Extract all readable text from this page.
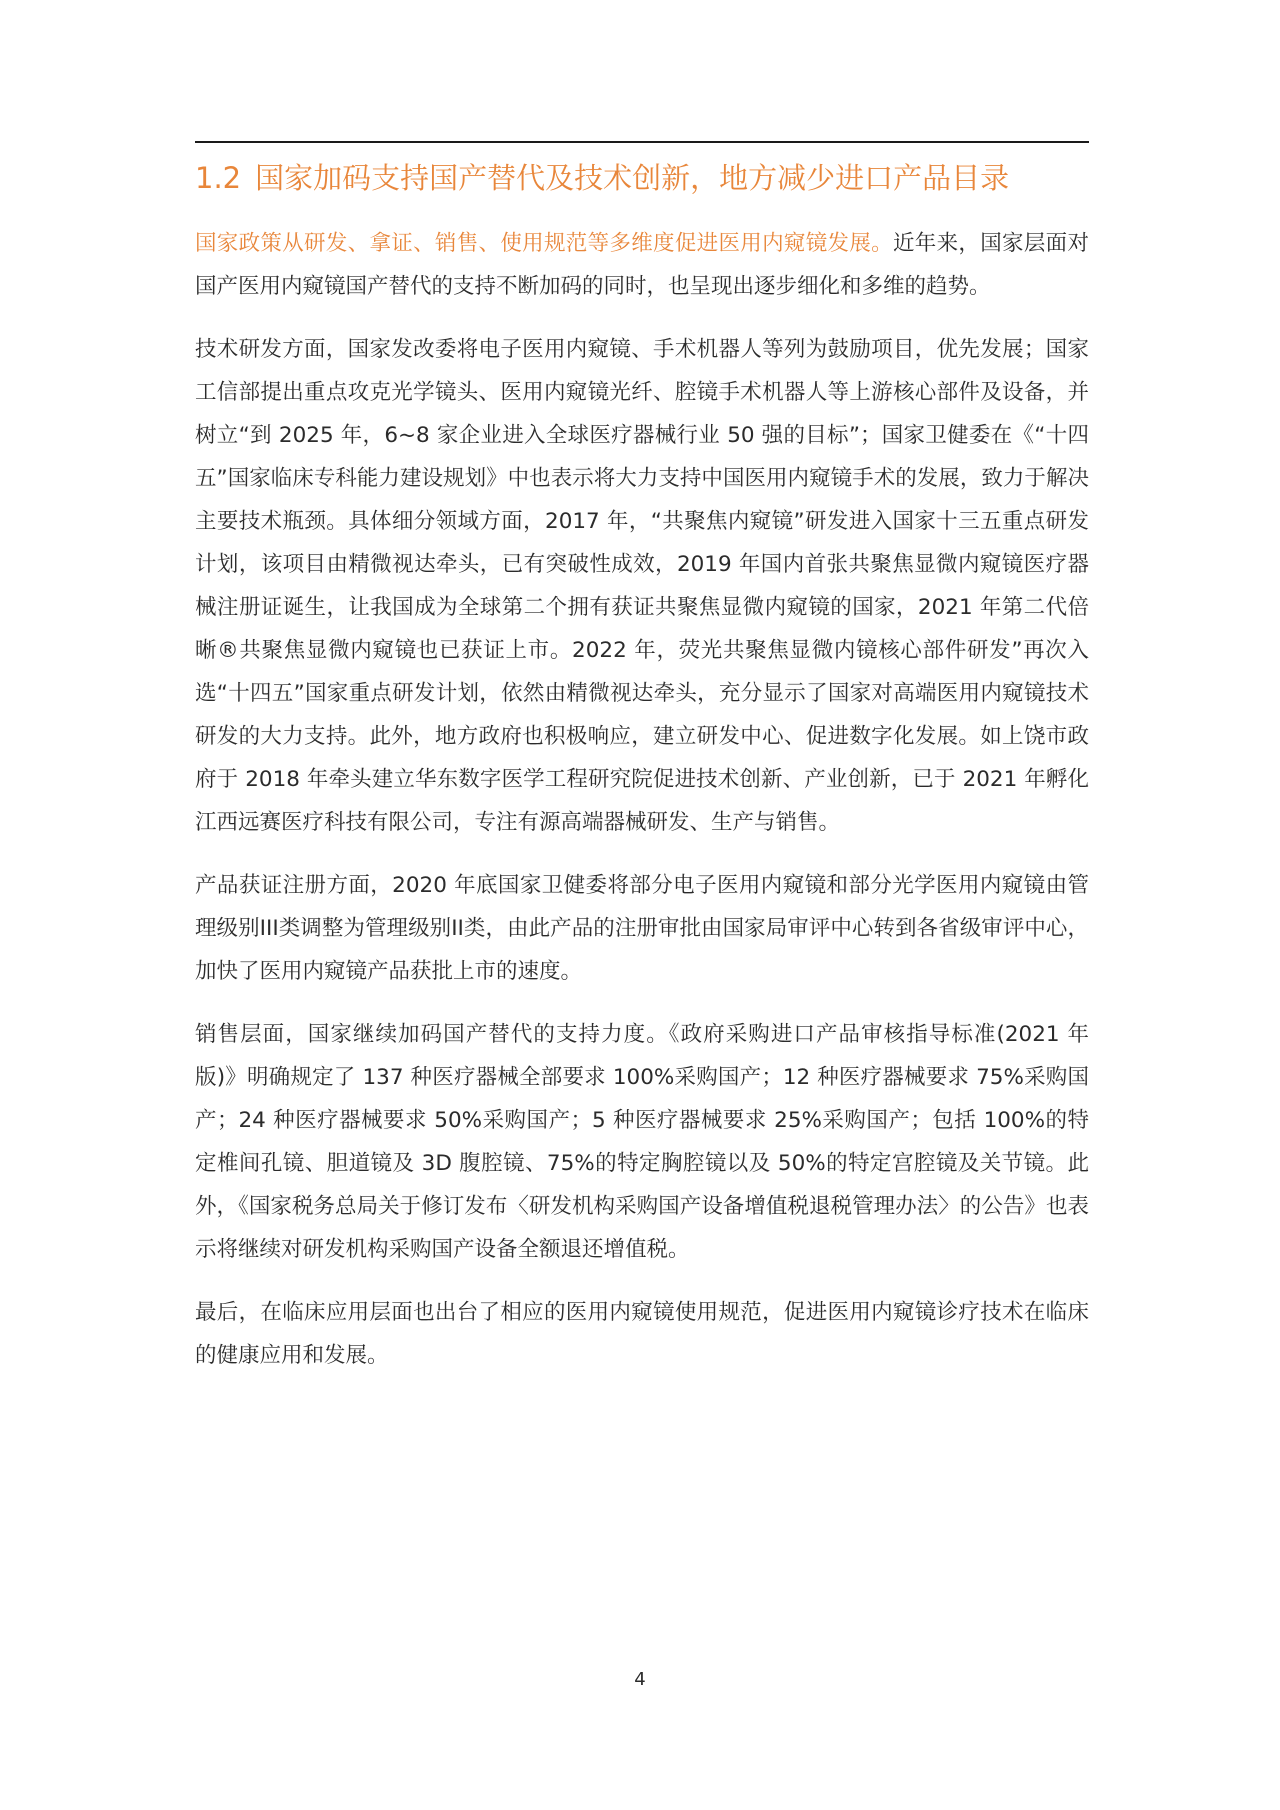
1.2 国家加码支持国产替代及技术创新，地方减少进口产品目录

国家政策从研发、拿证、销售、使用规范等多维度促进医用内窥镜发展。近年来，国家层面对国产医用内窥镜国产替代的支持不断加码的同时，也呈现出逐步细化和多维的趋势。

技术研发方面，国家发改委将电子医用内窥镜、手术机器人等列为鼓励项目，优先发展；国家工信部提出重点攻克光学镜头、医用内窥镜光纤、腔镜手术机器人等上游核心部件及设备，并树立“到 2025 年，6~8 家企业进入全球医疗器械行业 50 强的目标”；国家卫健委在《“十四五”国家临床专科能力建设规划》中也表示将大力支持中国医用内窥镜手术的发展，致力于解决主要技术瓶颈。具体细分领域方面，2017 年，“共聚焦内窥镜”研发进入国家十三五重点研发计划，该项目由精微视达牵头，已有突破性成效，2019 年国内首张共聚焦显微内窥镜医疗器械注册证诞生，让我国成为全球第二个拥有获证共聚焦显微内窥镜的国家，2021 年第二代倍晰®共聚焦显微内窥镜也已获证上市。2022 年，荧光共聚焦显微内镜核心部件研发”再次入选“十四五”国家重点研发计划，依然由精微视达牵头，充分显示了国家对高端医用内窥镜技术研发的大力支持。此外，地方政府也积极响应，建立研发中心、促进数字化发展。如上饶市政府于 2018 年牵头建立华东数字医学工程研究院促进技术创新、产业创新，已于 2021 年孵化江西远赛医疗科技有限公司，专注有源高端器械研发、生产与销售。

产品获证注册方面，2020 年底国家卫健委将部分电子医用内窥镜和部分光学医用内窥镜由管理级别III类调整为管理级别II类，由此产品的注册审批由国家局审评中心转到各省级审评中心，加快了医用内窥镜产品获批上市的速度。

销售层面，国家继续加码国产替代的支持力度。《政府采购进口产品审核指导标准(2021 年版)》明确规定了 137 种医疗器械全部要求 100%采购国产；12 种医疗器械要求 75%采购国产；24 种医疗器械要求 50%采购国产；5 种医疗器械要求 25%采购国产；包括 100%的特定椎间孔镜、胆道镜及 3D 腹腔镜、75%的特定胸腔镜以及 50%的特定宫腔镜及关节镜。此外，《国家税务总局关于修订发布〈研发机构采购国产设备增值税退税管理办法〉的公告》也表示将继续对研发机构采购国产设备全额退还增值税。

最后，在临床应用层面也出台了相应的医用内窥镜使用规范，促进医用内窥镜诊疗技术在临床的健康应用和发展。

4
